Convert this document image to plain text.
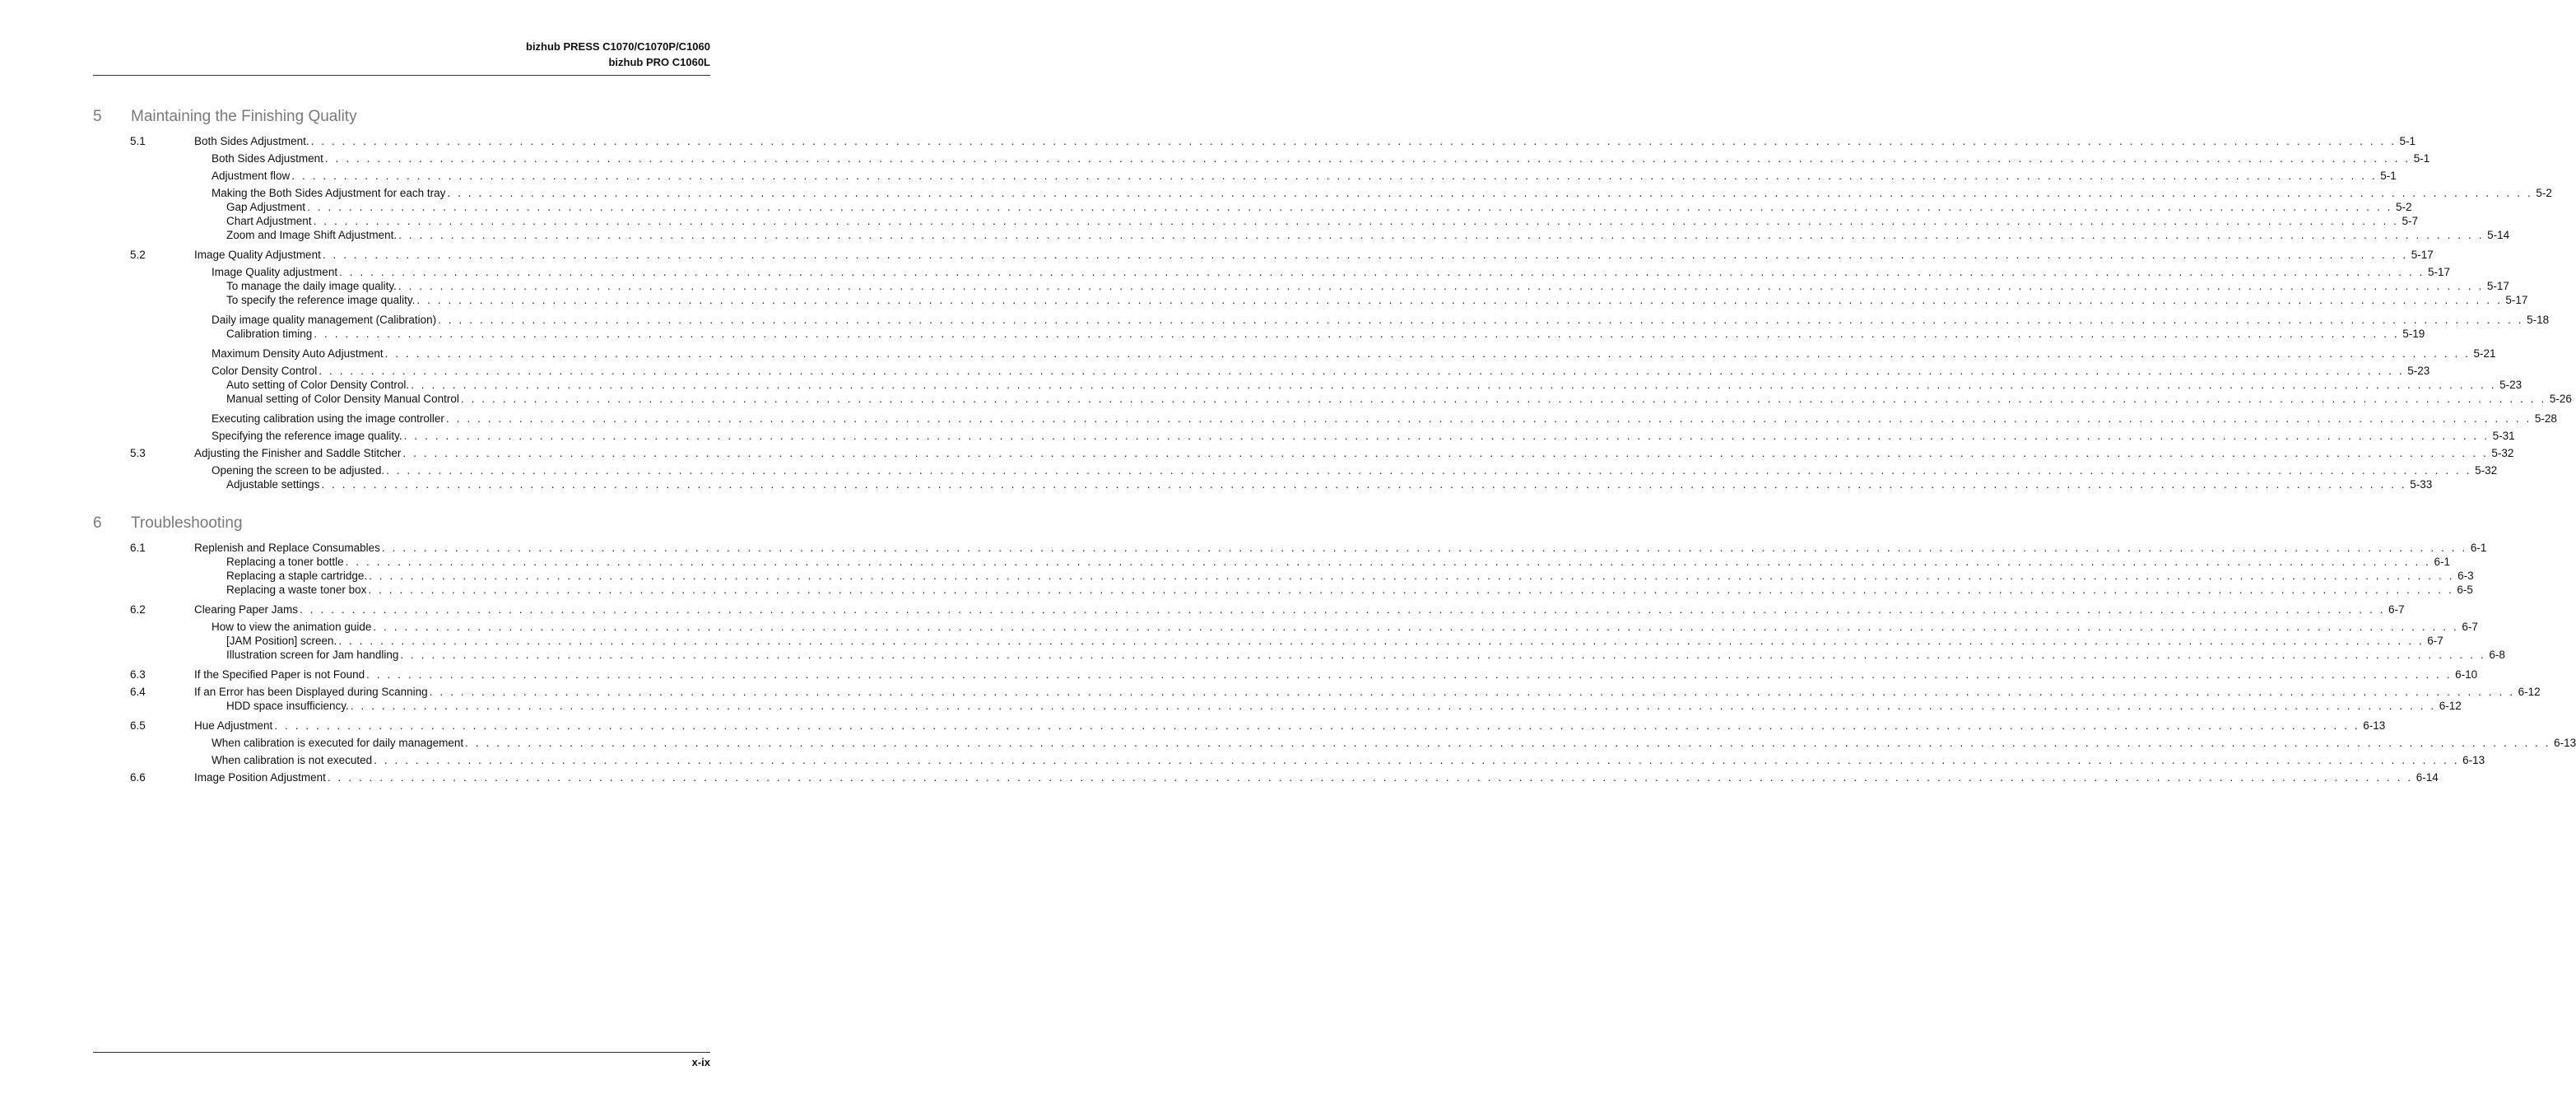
bizhub PRESS C1070/C1070P/C1060
bizhub PRO C1060L
5 Maintaining the Finishing Quality
5.1	Both Sides Adjustment. . . . . . . . . . . . . . . . . . . . . . . . . . . . . . . . . . . . . . . . . . . . . . . . . . . . . . . . . . . . . . . . . . . . . . . . . . . . . . . . . . . . . . . . . . . . . . . . . . . . . . . . . . . . . . . . . . . . . . . . . . . . . . . . . . . . . . . . . . . . . . . . . . . . . . . . . . . . . . . . . . . . . . . . . . . . . . . . . . . . . . . . . . . . . . . . . . . . . . . . . 5-1
Both Sides Adjustment . . . . . . . . . . . . . . . . . . . . . . . . . . . . . . . . . . . . . . . . . . . . . . . . . . . . . . . . . . . . . . . . . . . . . . . . . . . . . . . . . . . . . . . . . . . . . . . . . . . . . . . . . . . . . . . . . . . . . . . . . . . . . . . . . . . . . . . . . . . . . . . . . . . . . . . . . . . . . . . . . . . . . . . . . . . . . . . . . . . . . . . . . . . . . . . . . . . . . . . . 5-1
Adjustment flow . . . . . . . . . . . . . . . . . . . . . . . . . . . . . . . . . . . . . . . . . . . . . . . . . . . . . . . . . . . . . . . . . . . . . . . . . . . . . . . . . . . . . . . . . . . . . . . . . . . . . . . . . . . . . . . . . . . . . . . . . . . . . . . . . . . . . . . . . . . . . . . . . . . . . . . . . . . . . . . . . . . . . . . . . . . . . . . . . . . . . . . . . . . . . . . . . . . . . . . . 5-1
Making the Both Sides Adjustment for each tray . . . . . . . . . . . . . . . . . . . . . . . . . . . . . . . . . . . . . . . . . . . . . . . . . . . . . . . . . . . . . . . . . . . . . . . . . . . . . . . . . . . . . . . . . . . . . . . . . . . . . . . . . . . . . . . . . . . . . . . . . . . . . . . . . . . . . . . . . . . . . . . . . . . . . . . . . . . . . . . . . . . . . . . . . . . . . . . . . . . . . . . . . . . . . . . . . . . . . . . . 5-2
Gap Adjustment . . . . . . . . . . . . . . . . . . . . . . . . . . . . . . . . . . . . . . . . . . . . . . . . . . . . . . . . . . . . . . . . . . . . . . . . . . . . . . . . . . . . . . . . . . . . . . . . . . . . . . . . . . . . . . . . . . . . . . . . . . . . . . . . . . . . . . . . . . . . . . . . . . . . . . . . . . . . . . . . . . . . . . . . . . . . . . . . . . . . . . . . . . . . . . . . . . . . . . . . 5-2
Chart Adjustment . . . . . . . . . . . . . . . . . . . . . . . . . . . . . . . . . . . . . . . . . . . . . . . . . . . . . . . . . . . . . . . . . . . . . . . . . . . . . . . . . . . . . . . . . . . . . . . . . . . . . . . . . . . . . . . . . . . . . . . . . . . . . . . . . . . . . . . . . . . . . . . . . . . . . . . . . . . . . . . . . . . . . . . . . . . . . . . . . . . . . . . . . . . . . . . . . . . . . . . . 5-7
Zoom and Image Shift Adjustment. . . . . . . . . . . . . . . . . . . . . . . . . . . . . . . . . . . . . . . . . . . . . . . . . . . . . . . . . . . . . . . . . . . . . . . . . . . . . . . . . . . . . . . . . . . . . . . . . . . . . . . . . . . . . . . . . . . . . . . . . . . . . . . . . . . . . . . . . . . . . . . . . . . . . . . . . . . . . . . . . . . . . . . . . . . . . . . . . . . . . . . . . . . . . . . . . . . . . . . . . 5-14
5.2	Image Quality Adjustment . . . . . . . . . . . . . . . . . . . . . . . . . . . . . . . . . . . . . . . . . . . . . . . . . . . . . . . . . . . . . . . . . . . . . . . . . . . . . . . . . . . . . . . . . . . . . . . . . . . . . . . . . . . . . . . . . . . . . . . . . . . . . . . . . . . . . . . . . . . . . . . . . . . . . . . . . . . . . . . . . . . . . . . . . . . . . . . . . . . . . . . . . . . . . . . . . . . . . . . . 5-17
Image Quality adjustment . . . . . . . . . . . . . . . . . . . . . . . . . . . . . . . . . . . . . . . . . . . . . . . . . . . . . . . . . . . . . . . . . . . . . . . . . . . . . . . . . . . . . . . . . . . . . . . . . . . . . . . . . . . . . . . . . . . . . . . . . . . . . . . . . . . . . . . . . . . . . . . . . . . . . . . . . . . . . . . . . . . . . . . . . . . . . . . . . . . . . . . . . . . . . . . . . . . . . . . . 5-17
To manage the daily image quality. . . . . . . . . . . . . . . . . . . . . . . . . . . . . . . . . . . . . . . . . . . . . . . . . . . . . . . . . . . . . . . . . . . . . . . . . . . . . . . . . . . . . . . . . . . . . . . . . . . . . . . . . . . . . . . . . . . . . . . . . . . . . . . . . . . . . . . . . . . . . . . . . . . . . . . . . . . . . . . . . . . . . . . . . . . . . . . . . . . . . . . . . . . . . . . . . . . . . . . . . 5-17
To specify the reference image quality. . . . . . . . . . . . . . . . . . . . . . . . . . . . . . . . . . . . . . . . . . . . . . . . . . . . . . . . . . . . . . . . . . . . . . . . . . . . . . . . . . . . . . . . . . . . . . . . . . . . . . . . . . . . . . . . . . . . . . . . . . . . . . . . . . . . . . . . . . . . . . . . . . . . . . . . . . . . . . . . . . . . . . . . . . . . . . . . . . . . . . . . . . . . . . . . . . . . . . . . . 5-17
Daily image quality management (Calibration) . . . . . . . . . . . . . . . . . . . . . . . . . . . . . . . . . . . . . . . . . . . . . . . . . . . . . . . . . . . . . . . . . . . . . . . . . . . . . . . . . . . . . . . . . . . . . . . . . . . . . . . . . . . . . . . . . . . . . . . . . . . . . . . . . . . . . . . . . . . . . . . . . . . . . . . . . . . . . . . . . . . . . . . . . . . . . . . . . . . . . . . . . . . . . . . . . . . . . . . . 5-18
Calibration timing . . . . . . . . . . . . . . . . . . . . . . . . . . . . . . . . . . . . . . . . . . . . . . . . . . . . . . . . . . . . . . . . . . . . . . . . . . . . . . . . . . . . . . . . . . . . . . . . . . . . . . . . . . . . . . . . . . . . . . . . . . . . . . . . . . . . . . . . . . . . . . . . . . . . . . . . . . . . . . . . . . . . . . . . . . . . . . . . . . . . . . . . . . . . . . . . . . . . . . . . 5-19
Maximum Density Auto Adjustment . . . . . . . . . . . . . . . . . . . . . . . . . . . . . . . . . . . . . . . . . . . . . . . . . . . . . . . . . . . . . . . . . . . . . . . . . . . . . . . . . . . . . . . . . . . . . . . . . . . . . . . . . . . . . . . . . . . . . . . . . . . . . . . . . . . . . . . . . . . . . . . . . . . . . . . . . . . . . . . . . . . . . . . . . . . . . . . . . . . . . . . . . . . . . . . . . . . . . . . . 5-21
Color Density Control . . . . . . . . . . . . . . . . . . . . . . . . . . . . . . . . . . . . . . . . . . . . . . . . . . . . . . . . . . . . . . . . . . . . . . . . . . . . . . . . . . . . . . . . . . . . . . . . . . . . . . . . . . . . . . . . . . . . . . . . . . . . . . . . . . . . . . . . . . . . . . . . . . . . . . . . . . . . . . . . . . . . . . . . . . . . . . . . . . . . . . . . . . . . . . . . . . . . . . . . 5-23
Auto setting of Color Density Control. . . . . . . . . . . . . . . . . . . . . . . . . . . . . . . . . . . . . . . . . . . . . . . . . . . . . . . . . . . . . . . . . . . . . . . . . . . . . . . . . . . . . . . . . . . . . . . . . . . . . . . . . . . . . . . . . . . . . . . . . . . . . . . . . . . . . . . . . . . . . . . . . . . . . . . . . . . . . . . . . . . . . . . . . . . . . . . . . . . . . . . . . . . . . . . . . . . . . . . . . 5-23
Manual setting of Color Density Manual Control . . . . . . . . . . . . . . . . . . . . . . . . . . . . . . . . . . . . . . . . . . . . . . . . . . . . . . . . . . . . . . . . . . . . . . . . . . . . . . . . . . . . . . . . . . . . . . . . . . . . . . . . . . . . . . . . . . . . . . . . . . . . . . . . . . . . . . . . . . . . . . . . . . . . . . . . . . . . . . . . . . . . . . . . . . . . . . . . . . . . . . . . . . . . . . . . . . . . . . . . 5-26
Executing calibration using the image controller . . . . . . . . . . . . . . . . . . . . . . . . . . . . . . . . . . . . . . . . . . . . . . . . . . . . . . . . . . . . . . . . . . . . . . . . . . . . . . . . . . . . . . . . . . . . . . . . . . . . . . . . . . . . . . . . . . . . . . . . . . . . . . . . . . . . . . . . . . . . . . . . . . . . . . . . . . . . . . . . . . . . . . . . . . . . . . . . . . . . . . . . . . . . . . . . . . . . . . . . 5-28
Specifying the reference image quality. . . . . . . . . . . . . . . . . . . . . . . . . . . . . . . . . . . . . . . . . . . . . . . . . . . . . . . . . . . . . . . . . . . . . . . . . . . . . . . . . . . . . . . . . . . . . . . . . . . . . . . . . . . . . . . . . . . . . . . . . . . . . . . . . . . . . . . . . . . . . . . . . . . . . . . . . . . . . . . . . . . . . . . . . . . . . . . . . . . . . . . . . . . . . . . . . . . . . . . . . 5-31
5.3	Adjusting the Finisher and Saddle Stitcher . . . . . . . . . . . . . . . . . . . . . . . . . . . . . . . . . . . . . . . . . . . . . . . . . . . . . . . . . . . . . . . . . . . . . . . . . . . . . . . . . . . . . . . . . . . . . . . . . . . . . . . . . . . . . . . . . . . . . . . . . . . . . . . . . . . . . . . . . . . . . . . . . . . . . . . . . . . . . . . . . . . . . . . . . . . . . . . . . . . . . . . . . . . . . . . . . . . . . . . . 5-32
Opening the screen to be adjusted. . . . . . . . . . . . . . . . . . . . . . . . . . . . . . . . . . . . . . . . . . . . . . . . . . . . . . . . . . . . . . . . . . . . . . . . . . . . . . . . . . . . . . . . . . . . . . . . . . . . . . . . . . . . . . . . . . . . . . . . . . . . . . . . . . . . . . . . . . . . . . . . . . . . . . . . . . . . . . . . . . . . . . . . . . . . . . . . . . . . . . . . . . . . . . . . . . . . . . . . . 5-32
Adjustable settings . . . . . . . . . . . . . . . . . . . . . . . . . . . . . . . . . . . . . . . . . . . . . . . . . . . . . . . . . . . . . . . . . . . . . . . . . . . . . . . . . . . . . . . . . . . . . . . . . . . . . . . . . . . . . . . . . . . . . . . . . . . . . . . . . . . . . . . . . . . . . . . . . . . . . . . . . . . . . . . . . . . . . . . . . . . . . . . . . . . . . . . . . . . . . . . . . . . . . . . . 5-33
6 Troubleshooting
6.1	Replenish and Replace Consumables . . . . . . . . . . . . . . . . . . . . . . . . . . . . . . . . . . . . . . . . . . . . . . . . . . . . . . . . . . . . . . . . . . . . . . . . . . . . . . . . . . . . . . . . . . . . . . . . . . . . . . . . . . . . . . . . . . . . . . . . . . . . . . . . . . . . . . . . . . . . . . . . . . . . . . . . . . . . . . . . . . . . . . . . . . . . . . . . . . . . . . . . . . . . . . . . . . . . . . . . 6-1
Replacing a toner bottle . . . . . . . . . . . . . . . . . . . . . . . . . . . . . . . . . . . . . . . . . . . . . . . . . . . . . . . . . . . . . . . . . . . . . . . . . . . . . . . . . . . . . . . . . . . . . . . . . . . . . . . . . . . . . . . . . . . . . . . . . . . . . . . . . . . . . . . . . . . . . . . . . . . . . . . . . . . . . . . . . . . . . . . . . . . . . . . . . . . . . . . . . . . . . . . . . . . . . . . . 6-1
Replacing a staple cartridge. . . . . . . . . . . . . . . . . . . . . . . . . . . . . . . . . . . . . . . . . . . . . . . . . . . . . . . . . . . . . . . . . . . . . . . . . . . . . . . . . . . . . . . . . . . . . . . . . . . . . . . . . . . . . . . . . . . . . . . . . . . . . . . . . . . . . . . . . . . . . . . . . . . . . . . . . . . . . . . . . . . . . . . . . . . . . . . . . . . . . . . . . . . . . . . . . . . . . . . . . 6-3
Replacing a waste toner box . . . . . . . . . . . . . . . . . . . . . . . . . . . . . . . . . . . . . . . . . . . . . . . . . . . . . . . . . . . . . . . . . . . . . . . . . . . . . . . . . . . . . . . . . . . . . . . . . . . . . . . . . . . . . . . . . . . . . . . . . . . . . . . . . . . . . . . . . . . . . . . . . . . . . . . . . . . . . . . . . . . . . . . . . . . . . . . . . . . . . . . . . . . . . . . . . . . . . . . . 6-5
6.2	Clearing Paper Jams . . . . . . . . . . . . . . . . . . . . . . . . . . . . . . . . . . . . . . . . . . . . . . . . . . . . . . . . . . . . . . . . . . . . . . . . . . . . . . . . . . . . . . . . . . . . . . . . . . . . . . . . . . . . . . . . . . . . . . . . . . . . . . . . . . . . . . . . . . . . . . . . . . . . . . . . . . . . . . . . . . . . . . . . . . . . . . . . . . . . . . . . . . . . . . . . . . . . . . . . 6-7
How to view the animation guide . . . . . . . . . . . . . . . . . . . . . . . . . . . . . . . . . . . . . . . . . . . . . . . . . . . . . . . . . . . . . . . . . . . . . . . . . . . . . . . . . . . . . . . . . . . . . . . . . . . . . . . . . . . . . . . . . . . . . . . . . . . . . . . . . . . . . . . . . . . . . . . . . . . . . . . . . . . . . . . . . . . . . . . . . . . . . . . . . . . . . . . . . . . . . . . . . . . . . . . . 6-7
[JAM Position] screen. . . . . . . . . . . . . . . . . . . . . . . . . . . . . . . . . . . . . . . . . . . . . . . . . . . . . . . . . . . . . . . . . . . . . . . . . . . . . . . . . . . . . . . . . . . . . . . . . . . . . . . . . . . . . . . . . . . . . . . . . . . . . . . . . . . . . . . . . . . . . . . . . . . . . . . . . . . . . . . . . . . . . . . . . . . . . . . . . . . . . . . . . . . . . . . . . . . . . . . . . 6-7
Illustration screen for Jam handling . . . . . . . . . . . . . . . . . . . . . . . . . . . . . . . . . . . . . . . . . . . . . . . . . . . . . . . . . . . . . . . . . . . . . . . . . . . . . . . . . . . . . . . . . . . . . . . . . . . . . . . . . . . . . . . . . . . . . . . . . . . . . . . . . . . . . . . . . . . . . . . . . . . . . . . . . . . . . . . . . . . . . . . . . . . . . . . . . . . . . . . . . . . . . . . . . . . . . . . . 6-8
6.3	If the Specified Paper is not Found . . . . . . . . . . . . . . . . . . . . . . . . . . . . . . . . . . . . . . . . . . . . . . . . . . . . . . . . . . . . . . . . . . . . . . . . . . . . . . . . . . . . . . . . . . . . . . . . . . . . . . . . . . . . . . . . . . . . . . . . . . . . . . . . . . . . . . . . . . . . . . . . . . . . . . . . . . . . . . . . . . . . . . . . . . . . . . . . . . . . . . . . . . . . . . . . . . . . . . . . 6-10
6.4	If an Error has been Displayed during Scanning . . . . . . . . . . . . . . . . . . . . . . . . . . . . . . . . . . . . . . . . . . . . . . . . . . . . . . . . . . . . . . . . . . . . . . . . . . . . . . . . . . . . . . . . . . . . . . . . . . . . . . . . . . . . . . . . . . . . . . . . . . . . . . . . . . . . . . . . . . . . . . . . . . . . . . . . . . . . . . . . . . . . . . . . . . . . . . . . . . . . . . . . . . . . . . . . . . . . . . . . 6-12
HDD space insufficiency. . . . . . . . . . . . . . . . . . . . . . . . . . . . . . . . . . . . . . . . . . . . . . . . . . . . . . . . . . . . . . . . . . . . . . . . . . . . . . . . . . . . . . . . . . . . . . . . . . . . . . . . . . . . . . . . . . . . . . . . . . . . . . . . . . . . . . . . . . . . . . . . . . . . . . . . . . . . . . . . . . . . . . . . . . . . . . . . . . . . . . . . . . . . . . . . . . . . . . . . . 6-12
6.5	Hue Adjustment . . . . . . . . . . . . . . . . . . . . . . . . . . . . . . . . . . . . . . . . . . . . . . . . . . . . . . . . . . . . . . . . . . . . . . . . . . . . . . . . . . . . . . . . . . . . . . . . . . . . . . . . . . . . . . . . . . . . . . . . . . . . . . . . . . . . . . . . . . . . . . . . . . . . . . . . . . . . . . . . . . . . . . . . . . . . . . . . . . . . . . . . . . . . . . . . . . . . . . . . 6-13
When calibration is executed for daily management . . . . . . . . . . . . . . . . . . . . . . . . . . . . . . . . . . . . . . . . . . . . . . . . . . . . . . . . . . . . . . . . . . . . . . . . . . . . . . . . . . . . . . . . . . . . . . . . . . . . . . . . . . . . . . . . . . . . . . . . . . . . . . . . . . . . . . . . . . . . . . . . . . . . . . . . . . . . . . . . . . . . . . . . . . . . . . . . . . . . . . . . . . . . . . . . . . . . . . . . 6-13
When calibration is not executed . . . . . . . . . . . . . . . . . . . . . . . . . . . . . . . . . . . . . . . . . . . . . . . . . . . . . . . . . . . . . . . . . . . . . . . . . . . . . . . . . . . . . . . . . . . . . . . . . . . . . . . . . . . . . . . . . . . . . . . . . . . . . . . . . . . . . . . . . . . . . . . . . . . . . . . . . . . . . . . . . . . . . . . . . . . . . . . . . . . . . . . . . . . . . . . . . . . . . . . . 6-13
6.6	Image Position Adjustment . . . . . . . . . . . . . . . . . . . . . . . . . . . . . . . . . . . . . . . . . . . . . . . . . . . . . . . . . . . . . . . . . . . . . . . . . . . . . . . . . . . . . . . . . . . . . . . . . . . . . . . . . . . . . . . . . . . . . . . . . . . . . . . . . . . . . . . . . . . . . . . . . . . . . . . . . . . . . . . . . . . . . . . . . . . . . . . . . . . . . . . . . . . . . . . . . . . . . . . . 6-14
x-ix
